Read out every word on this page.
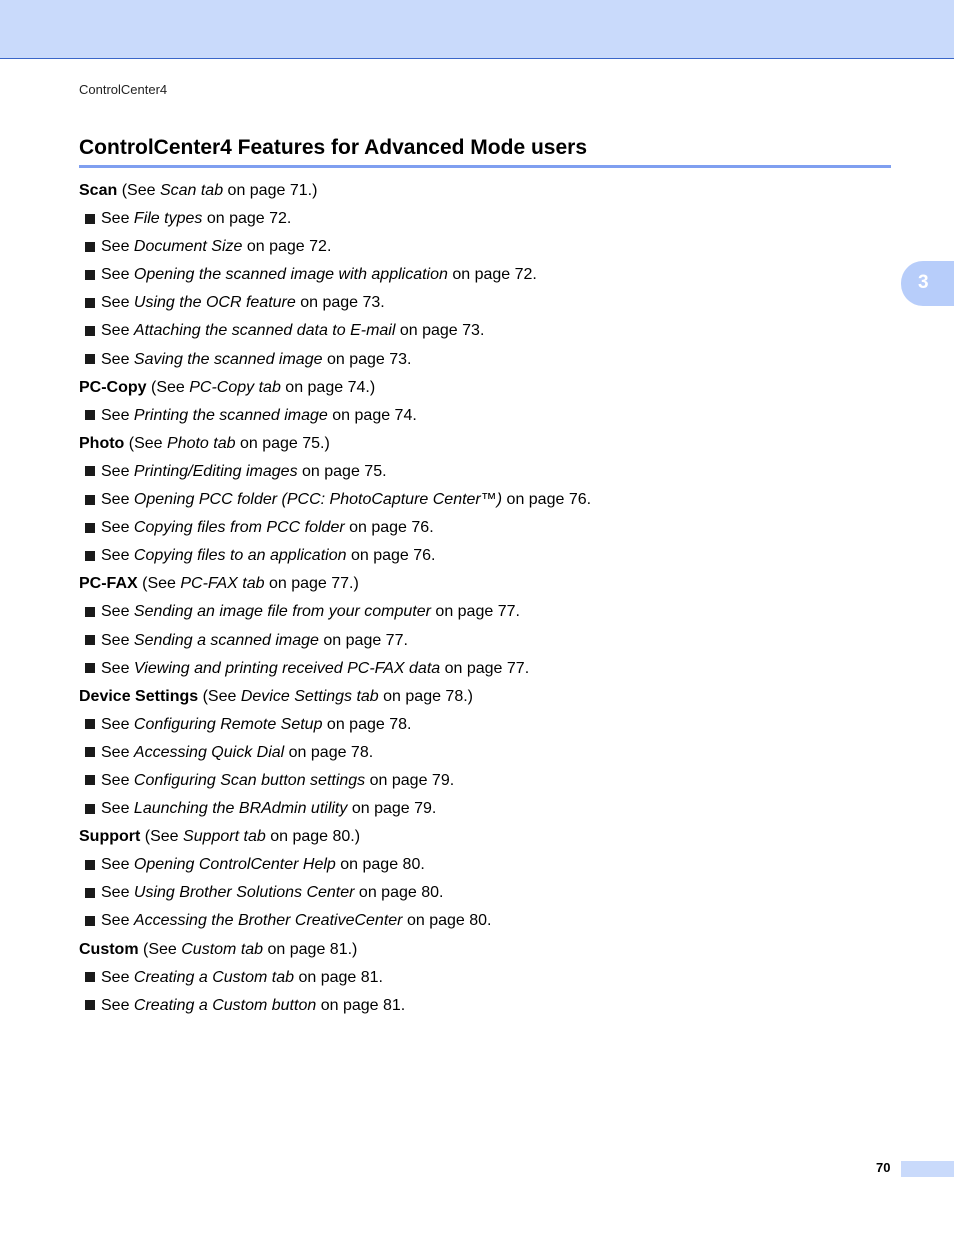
ControlCenter4
ControlCenter4 Features for Advanced Mode users
3
Scan (See Scan tab on page 71.)
See File types on page 72.
See Document Size on page 72.
See Opening the scanned image with application on page 72.
See Using the OCR feature on page 73.
See Attaching the scanned data to E-mail on page 73.
See Saving the scanned image on page 73.
PC-Copy (See PC-Copy tab on page 74.)
See Printing the scanned image on page 74.
Photo (See Photo tab on page 75.)
See Printing/Editing images on page 75.
See Opening PCC folder (PCC: PhotoCapture Center™) on page 76.
See Copying files from PCC folder on page 76.
See Copying files to an application on page 76.
PC-FAX (See PC-FAX tab on page 77.)
See Sending an image file from your computer on page 77.
See Sending a scanned image on page 77.
See Viewing and printing received PC-FAX data on page 77.
Device Settings (See Device Settings tab on page 78.)
See Configuring Remote Setup on page 78.
See Accessing Quick Dial on page 78.
See Configuring Scan button settings on page 79.
See Launching the BRAdmin utility on page 79.
Support (See Support tab on page 80.)
See Opening ControlCenter Help on page 80.
See Using Brother Solutions Center on page 80.
See Accessing the Brother CreativeCenter on page 80.
Custom (See Custom tab on page 81.)
See Creating a Custom tab on page 81.
See Creating a Custom button on page 81.
70
